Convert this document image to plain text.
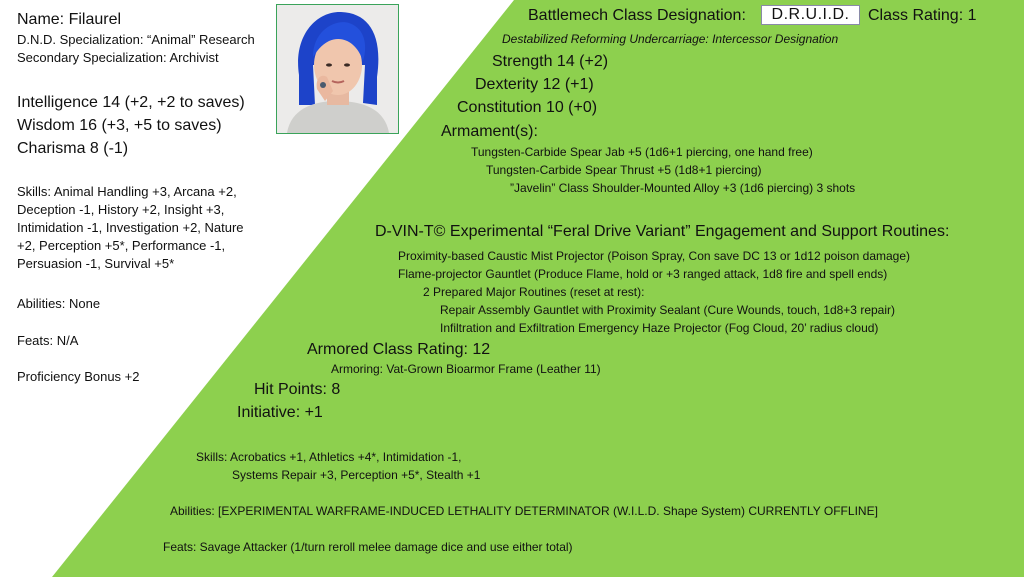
Name: Filaurel
D.N.D. Specialization: “Animal” Research
Secondary Specialization: Archivist
Intelligence 14 (+2, +2 to saves)
Wisdom 16 (+3, +5 to saves)
Charisma 8 (-1)
Skills: Animal Handling +3, Arcana +2,
Deception -1, History +2, Insight +3,
Intimidation -1, Investigation +2, Nature
+2, Perception +5*, Performance -1,
Persuasion -1, Survival +5*
Abilities: None
Feats: N/A
Proficiency Bonus +2
Battlemech Class Designation: D.R.U.I.D. Class Rating: 1
Destabilized Reforming Undercarriage: Intercessor Designation
Strength 14 (+2)
Dexterity 12 (+1)
Constitution 10 (+0)
Armament(s):
Tungsten-Carbide Spear Jab +5 (1d6+1 piercing, one hand free)
Tungsten-Carbide Spear Thrust +5 (1d8+1 piercing)
”Javelin” Class Shoulder-Mounted Alloy +3 (1d6 piercing) 3 shots
D-VIN-T© Experimental “Feral Drive Variant” Engagement and Support Routines:
Proximity-based Caustic Mist Projector (Poison Spray, Con save DC 13 or 1d12 poison damage)
Flame-projector Gauntlet (Produce Flame, hold or +3 ranged attack, 1d8 fire and spell ends)
2 Prepared Major Routines (reset at rest):
Repair Assembly Gauntlet with Proximity Sealant (Cure Wounds, touch, 1d8+3 repair)
Infiltration and Exfiltration Emergency Haze Projector (Fog Cloud, 20’ radius cloud)
Armored Class Rating: 12
Armoring: Vat-Grown Bioarmor Frame (Leather 11)
Hit Points: 8
Initiative: +1
Skills: Acrobatics +1, Athletics +4*, Intimidation -1,
Systems Repair +3, Perception +5*, Stealth +1
Abilities: [EXPERIMENTAL WARFRAME-INDUCED LETHALITY DETERMINATOR (W.I.L.D. Shape System) CURRENTLY OFFLINE]
Feats: Savage Attacker (1/turn reroll melee damage dice and use either total)
